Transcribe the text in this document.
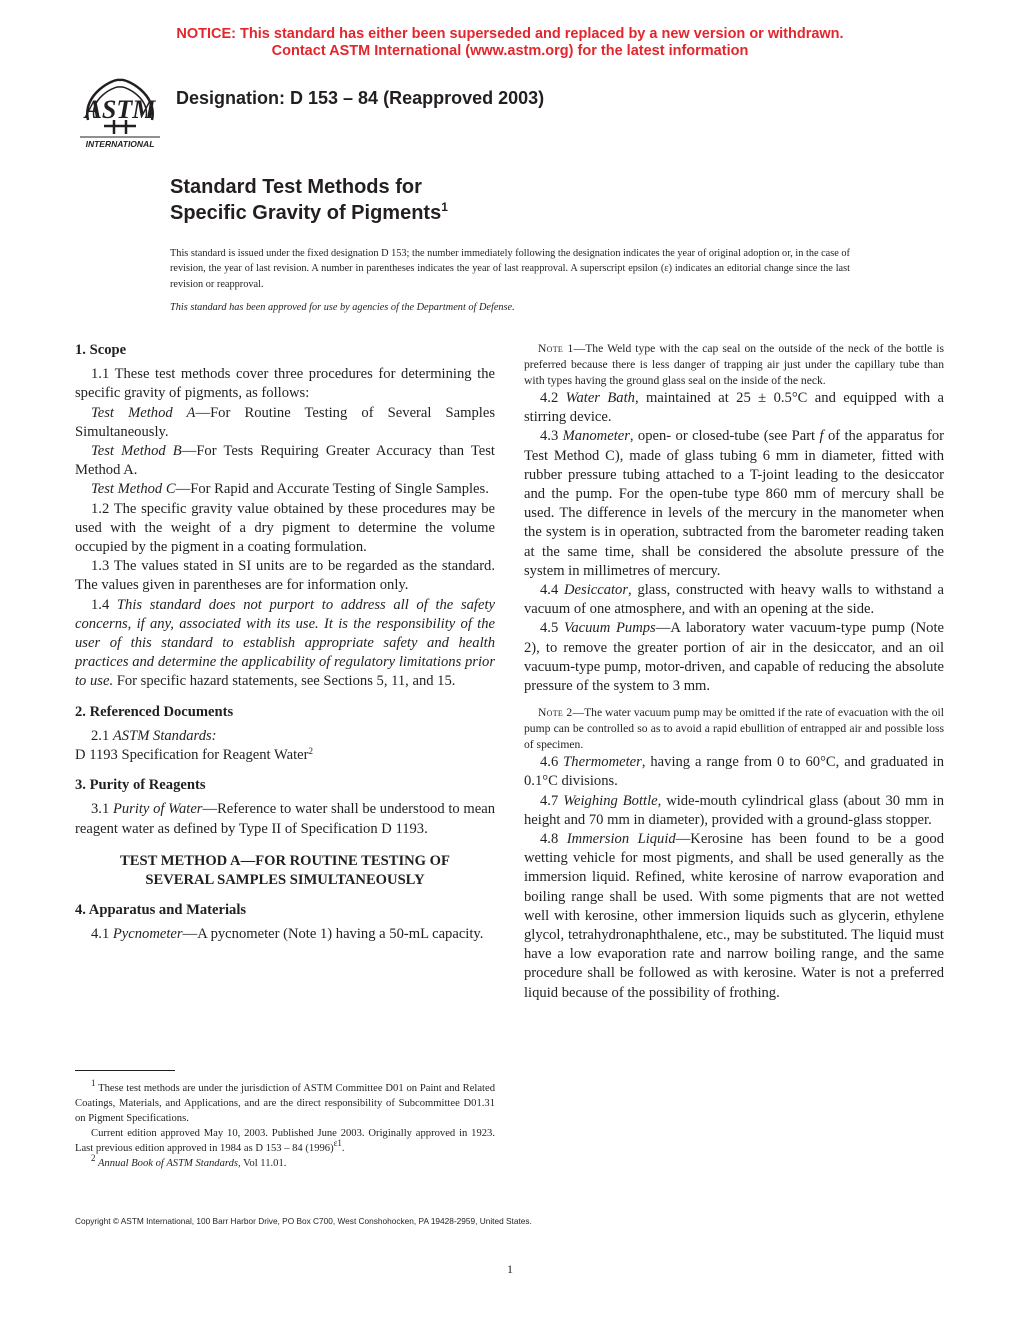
NOTICE: This standard has either been superseded and replaced by a new version or withdrawn.
Contact ASTM International (www.astm.org) for the latest information
ASTM
INTERNATIONAL
Designation: D 153 – 84 (Reapproved 2003)
Standard Test Methods for
Specific Gravity of Pigments$^1$
This standard is issued under the fixed designation D 153; the number immediately following the designation indicates the year of original adoption or, in the case of revision, the year of last revision. A number in parentheses indicates the year of last reapproval. A superscript epsilon (ε) indicates an editorial change since the last revision or reapproval.
This standard has been approved for use by agencies of the Department of Defense.
1. Scope

1.1 These test methods cover three procedures for determining the specific gravity of pigments, as follows:

Test Method A—For Routine Testing of Several Samples Simultaneously.

Test Method B—For Tests Requiring Greater Accuracy than Test Method A.

Test Method C—For Rapid and Accurate Testing of Single Samples.

1.2 The specific gravity value obtained by these procedures may be used with the weight of a dry pigment to determine the volume occupied by the pigment in a coating formulation.

1.3 The values stated in SI units are to be regarded as the standard. The values given in parentheses are for information only.

1.4 This standard does not purport to address all of the safety concerns, if any, associated with its use. It is the responsibility of the user of this standard to establish appropriate safety and health practices and determine the applicability of regulatory limitations prior to use. For specific hazard statements, see Sections 5, 11, and 15.

2. Referenced Documents

2.1 ASTM Standards:

D 1193 Specification for Reagent Water$^2$

3. Purity of Reagents

3.1 Purity of Water—Reference to water shall be understood to mean reagent water as defined by Type II of Specification D 1193.

TEST METHOD A—FOR ROUTINE TESTING OF
SEVERAL SAMPLES SIMULTANEOUSLY
4. Apparatus and Materials

4.1 Pycnometer—A pycnometer (Note 1) having a 50-mL capacity.

Note 1—The Weld type with the cap seal on the outside of the neck of the bottle is preferred because there is less danger of trapping air just under the capillary tube than with types having the ground glass seal on the inside of the neck.

4.2 Water Bath, maintained at 25 ± 0.5°C and equipped with a stirring device.

4.3 Manometer, open- or closed-tube (see Part f of the apparatus for Test Method C), made of glass tubing 6 mm in diameter, fitted with rubber pressure tubing attached to a T-joint leading to the desiccator and the pump. For the open-tube type 860 mm of mercury shall be used. The difference in levels of the mercury in the manometer when the system is in operation, subtracted from the barometer reading taken at the same time, shall be considered the absolute pressure of the system in millimetres of mercury.

4.4 Desiccator, glass, constructed with heavy walls to withstand a vacuum of one atmosphere, and with an opening at the side.

4.5 Vacuum Pumps—A laboratory water vacuum-type pump (Note 2), to remove the greater portion of air in the desiccator, and an oil vacuum-type pump, motor-driven, and capable of reducing the absolute pressure of the system to 3 mm.

Note 2—The water vacuum pump may be omitted if the rate of evacuation with the oil pump can be controlled so as to avoid a rapid ebullition of entrapped air and possible loss of specimen.

4.6 Thermometer, having a range from 0 to 60°C, and graduated in 0.1°C divisions.

4.7 Weighing Bottle, wide-mouth cylindrical glass (about 30 mm in height and 70 mm in diameter), provided with a ground-glass stopper.

4.8 Immersion Liquid—Kerosine has been found to be a good wetting vehicle for most pigments, and shall be used generally as the immersion liquid. Refined, white kerosine of narrow evaporation and boiling range shall be used. With some pigments that are not wetted well with kerosine, other immersion liquids such as glycerin, ethylene glycol, tetrahydronaphthalene, etc., may be substituted. The liquid must have a low evaporation rate and narrow boiling range, and the same procedure shall be followed as with kerosine. Water is not a preferred liquid because of the possibility of frothing.

$^1$ These test methods are under the jurisdiction of ASTM Committee D01 on Paint and Related Coatings, Materials, and Applications, and are the direct responsibility of Subcommittee D01.31 on Pigment Specifications.

Current edition approved May 10, 2003. Published June 2003. Originally approved in 1923. Last previous edition approved in 1984 as D 153 – 84 $(1996)^{\varepsilon 1}$.

$^2$ Annual Book of ASTM Standards, Vol 11.01.

Copyright © ASTM International, 100 Barr Harbor Drive, PO Box C700, West Conshohocken, PA 19428-2959, United States.
1
